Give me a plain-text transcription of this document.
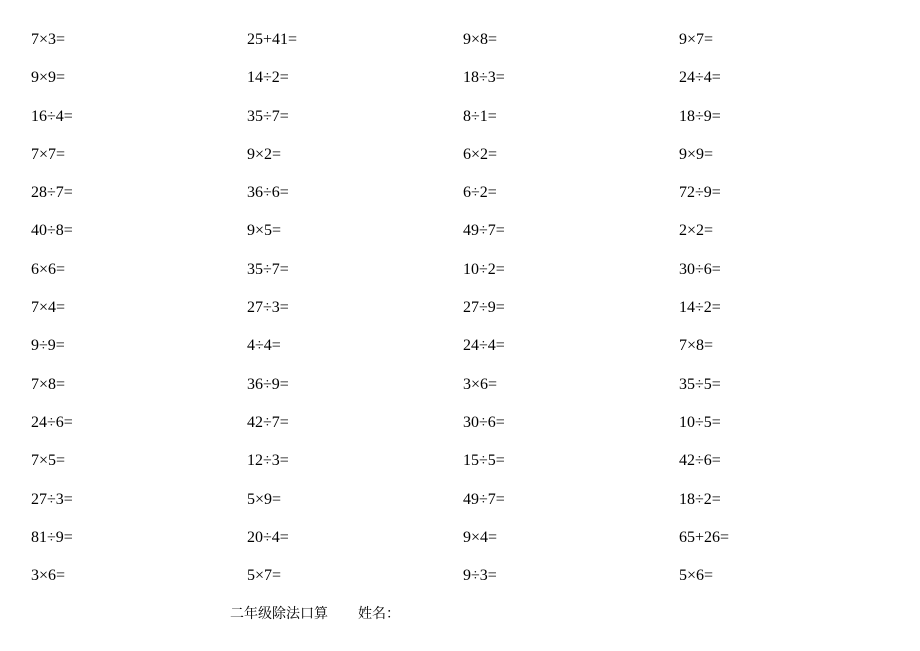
7×3=	25+41=	9×8=	9×7=
9×9=	14÷2=	18÷3=	24÷4=
16÷4=	35÷7=	8÷1=	18÷9=
7×7=	9×2=	6×2=	9×9=
28÷7=	36÷6=	6÷2=	72÷9=
40÷8=	9×5=	49÷7=	2×2=
6×6=	35÷7=	10÷2=	30÷6=
7×4=	27÷3=	27÷9=	14÷2=
9÷9=	4÷4=	24÷4=	7×8=
7×8=	36÷9=	3×6=	35÷5=
24÷6=	42÷7=	30÷6=	10÷5=
7×5=	12÷3=	15÷5=	42÷6=
27÷3=	5×9=	49÷7=	18÷2=
81÷9=	20÷4=	9×4=	65+26=
3×6=	5×7=	9÷3=	5×6=
二年级除法口算 姓名：
